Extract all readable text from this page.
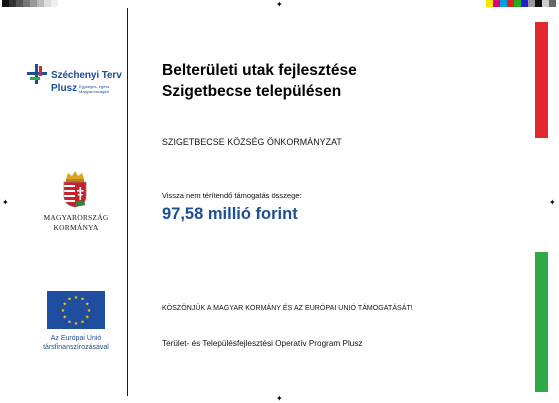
✦
✦
✦	✦
Széchenyi Terv
Plusz Egységes, egész Magyarországért
MAGYARORSZÁG
KORMÁNYA
★ ★
★
★
★
★
★
★
★
★
★
★
Az Európai Unió
társfinanszírozásával
Belterületi utak fejlesztése
Szigetbecse településen
SZIGETBECSE KÖZSÉG ÖNKORMÁNYZAT
Vissza nem térítendő támogatás összege:
97,58 millió forint
KÖSZÖNJÜK A MAGYAR KORMÁNY ÉS AZ EURÓPAI UNIÓ TÁMOGATÁSÁT!
Terület- és Településfejlesztési Operatív Program Plusz
